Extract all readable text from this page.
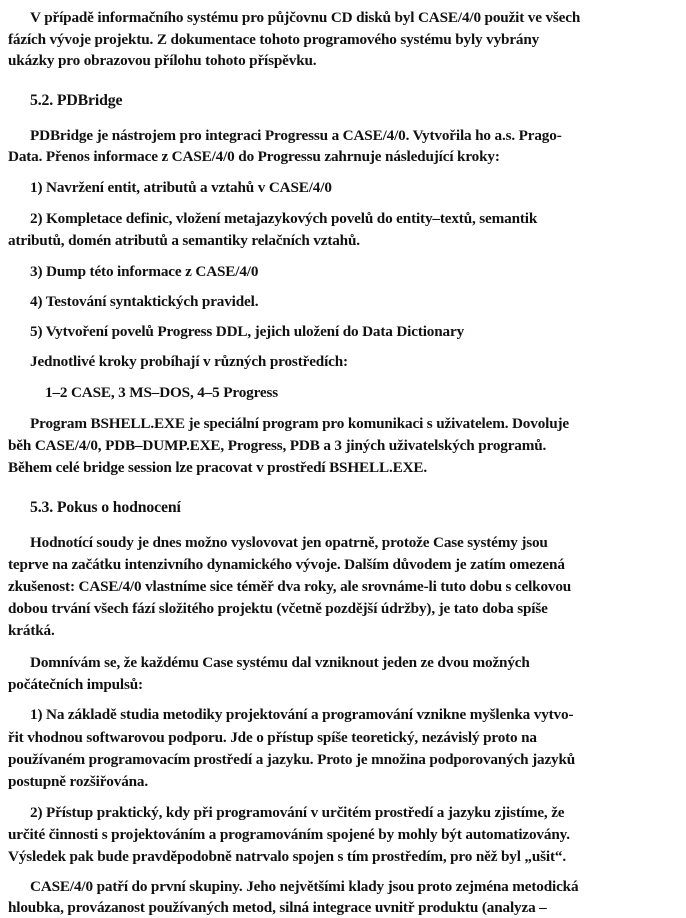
V případě informačního systému pro půjčovnu CD disků byl CASE/4/0 použit ve všech
fázích vývoje projektu. Z dokumentace tohoto programového systému byly vybrány
ukázky pro obrazovou přílohu tohoto příspěvku.
5.2. PDBridge
PDBridge je nástrojem pro integraci Progressu a CASE/4/0. Vytvořila ho a.s. Prago-
Data. Přenos informace z CASE/4/0 do Progressu zahrnuje následující kroky:
1) Navržení entit, atributů a vztahů v CASE/4/0
2) Kompletace definic, vložení metajazykových povelů do entity–textů, semantik
atributů, domén atributů a semantiky relačních vztahů.
3) Dump této informace z CASE/4/0
4) Testování syntaktických pravidel.
5) Vytvoření povelů Progress DDL, jejich uložení do Data Dictionary
Jednotlivé kroky probíhají v různých prostředích:
1–2 CASE, 3 MS–DOS, 4–5 Progress
Program BSHELL.EXE je speciální program pro komunikaci s uživatelem. Dovoluje
běh CASE/4/0, PDB–DUMP.EXE, Progress, PDB a 3 jiných uživatelských programů.
Během celé bridge session lze pracovat v prostředí BSHELL.EXE.
5.3. Pokus o hodnocení
Hodnotící soudy je dnes možno vyslovovat jen opatrně, protože Case systémy jsou
teprve na začátku intenzivního dynamického vývoje. Dalším důvodem je zatím omezená
zkušenost: CASE/4/0 vlastníme sice téměř dva roky, ale srovnáme-li tuto dobu s celkovou
dobou trvání všech fází složitého projektu (včetně pozdější údržby), je tato doba spíše
krátká.
Domnívám se, že každému Case systému dal vzniknout jeden ze dvou možných
počátečních impulsů:
1) Na základě studia metodiky projektování a programování vznikne myšlenka vytvo-
řit vhodnou softwarovou podporu. Jde o přístup spíše teoretický, nezávislý proto na
používaném programovacím prostředí a jazyku. Proto je množina podporovaných jazyků
postupně rozšiřována.
2) Přístup praktický, kdy při programování v určitém prostředí a jazyku zjistíme, že
určité činnosti s projektováním a programováním spojené by mohly být automatizovány.
Výsledek pak bude pravděpodobně natrvalo spojen s tím prostředím, pro něž byl „ušit“.
CASE/4/0 patří do první skupiny. Jeho největšími klady jsou proto zejména metodická
hloubka, provázanost používaných metod, silná integrace uvnitř produktu (analyza –
